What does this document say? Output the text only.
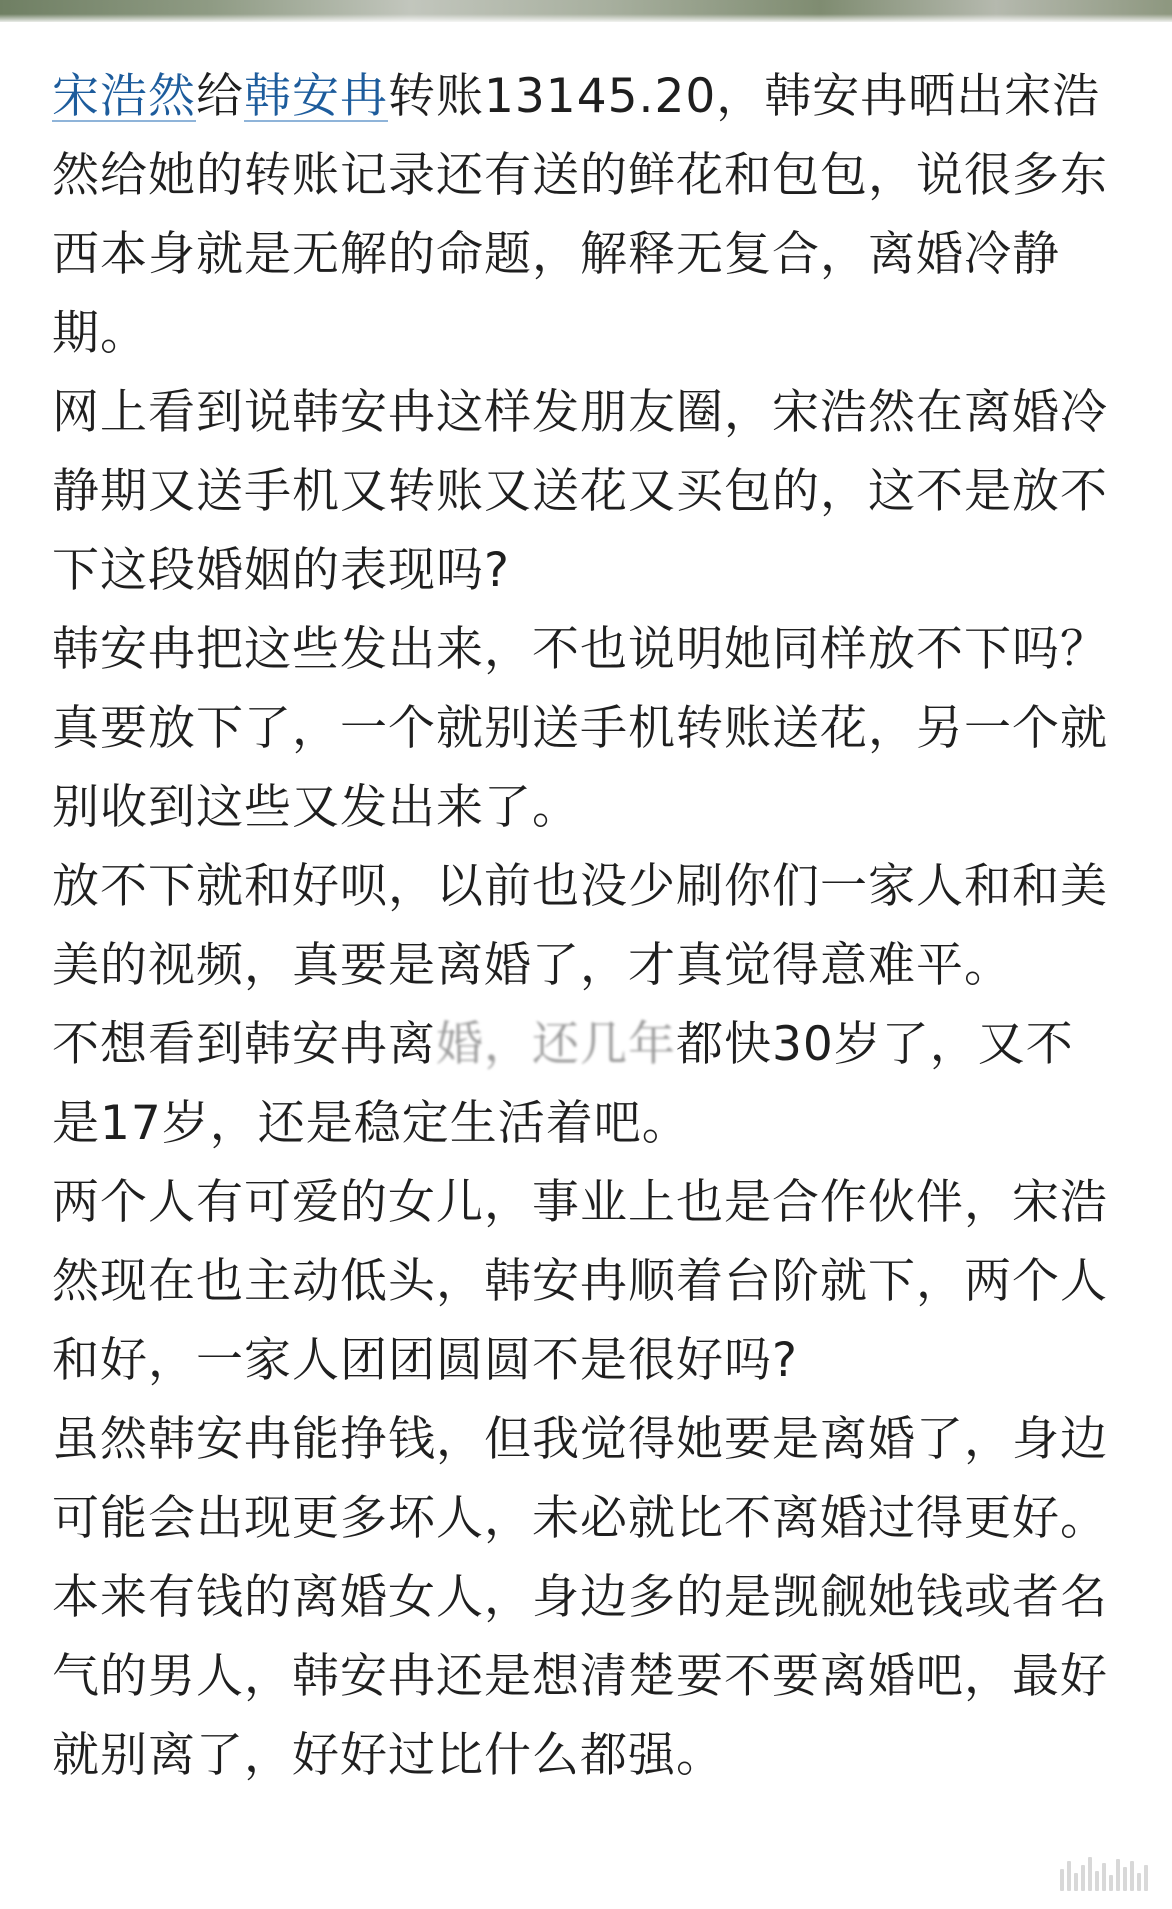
宋浩然给韩安冉转账13145.20，韩安冉晒出宋浩然给她的转账记录还有送的鲜花和包包，说很多东西本身就是无解的命题，解释无复合，离婚冷静期。

网上看到说韩安冉这样发朋友圈，宋浩然在离婚冷静期又送手机又转账又送花又买包的，这不是放不下这段婚姻的表现吗?

韩安冉把这些发出来，不也说明她同样放不下吗？真要放下了，一个就别送手机转账送花，另一个就别收到这些又发出来了。

放不下就和好呗，以前也没少刷你们一家人和和美美的视频，真要是离婚了，才真觉得意难平。

不想看到韩安冉离婚，还几年都快30岁了，又不是17岁，还是稳定生活着吧。

两个人有可爱的女儿，事业上也是合作伙伴，宋浩然现在也主动低头，韩安冉顺着台阶就下，两个人和好，一家人团团圆圆不是很好吗?

虽然韩安冉能挣钱，但我觉得她要是离婚了，身边可能会出现更多坏人，未必就比不离婚过得更好。

本来有钱的离婚女人，身边多的是觊觎她钱或者名气的男人，韩安冉还是想清楚要不要离婚吧，最好就别离了，好好过比什么都强。
